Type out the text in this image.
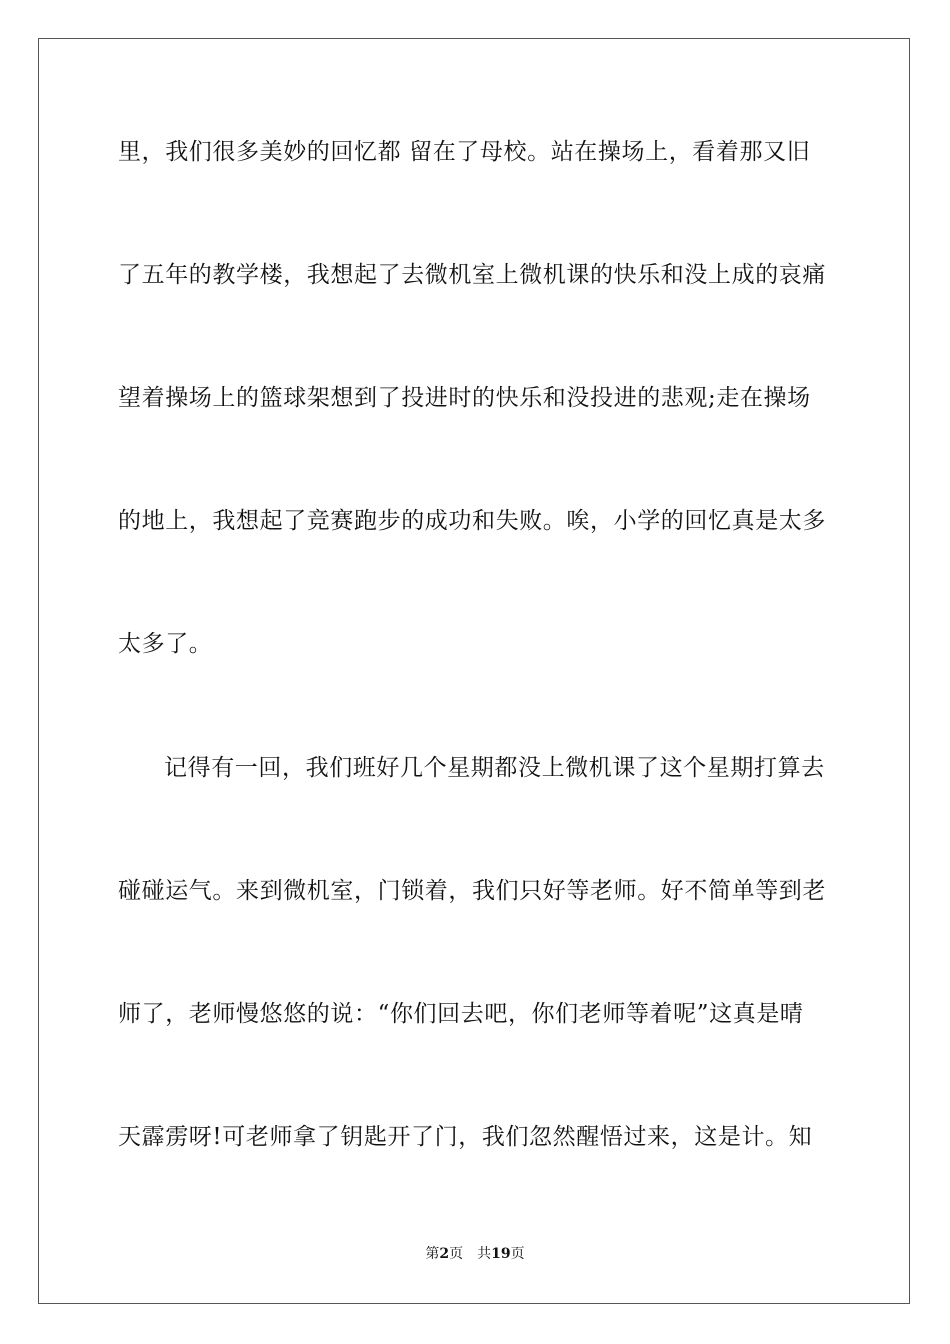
里，我们很多美妙的回忆都 留在了母校。站在操场上，看着那又旧
了五年的教学楼，我想起了去微机室上微机课的快乐和没上成的哀痛
望着操场上的篮球架想到了投进时的快乐和没投进的悲观;走在操场
的地上，我想起了竞赛跑步的成功和失败。唉，小学的回忆真是太多
太多了。
记得有一回，我们班好几个星期都没上微机课了这个星期打算去
碰碰运气。来到微机室，门锁着，我们只好等老师。好不简单等到老
师了，老师慢悠悠的说：“你们回去吧，你们老师等着呢”这真是晴
天霹雳呀!可老师拿了钥匙开了门，我们忽然醒悟过来，这是计。知
第2页 共19页
